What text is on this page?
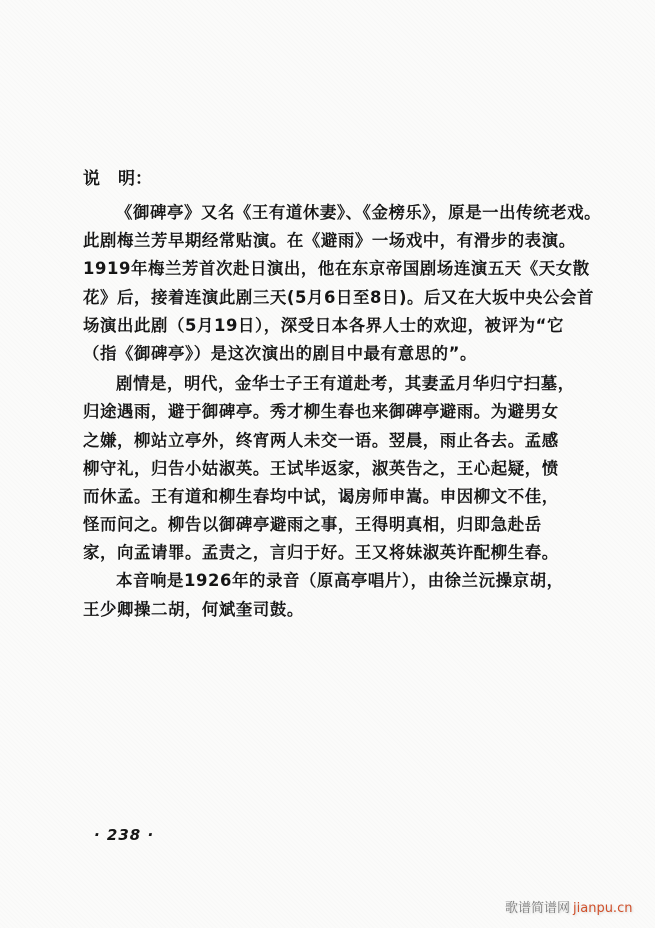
说 明：
《御碑亭》又名《王有道休妻》、《金榜乐》，原是一出传统老戏。
此剧梅兰芳早期经常贴演。在《避雨》一场戏中，有滑步的表演。
1919年梅兰芳首次赴日演出，他在东京帝国剧场连演五天《天女散
花》后，接着连演此剧三天(5月6日至8日)。后又在大坂中央公会首
场演出此剧（5月19日），深受日本各界人士的欢迎，被评为“它
（指《御碑亭》）是这次演出的剧目中最有意思的”。
剧情是，明代，金华士子王有道赴考，其妻孟月华归宁扫墓，
归途遇雨，避于御碑亭。秀才柳生春也来御碑亭避雨。为避男女
之嫌，柳站立亭外，终宵两人未交一语。翌晨，雨止各去。孟感
柳守礼，归告小姑淑英。王试毕返家，淑英告之，王心起疑，愤
而休孟。王有道和柳生春均中试，谒房师申嵩。申因柳文不佳，
怪而问之。柳告以御碑亭避雨之事，王得明真相，归即急赴岳
家，向孟请罪。孟责之，言归于好。王又将妹淑英许配柳生春。
本音响是1926年的录音（原高亭唱片），由徐兰沅操京胡，
王少卿操二胡，何斌奎司鼓。
· 238 ·
歌谱简谱网 jianpu.cn
